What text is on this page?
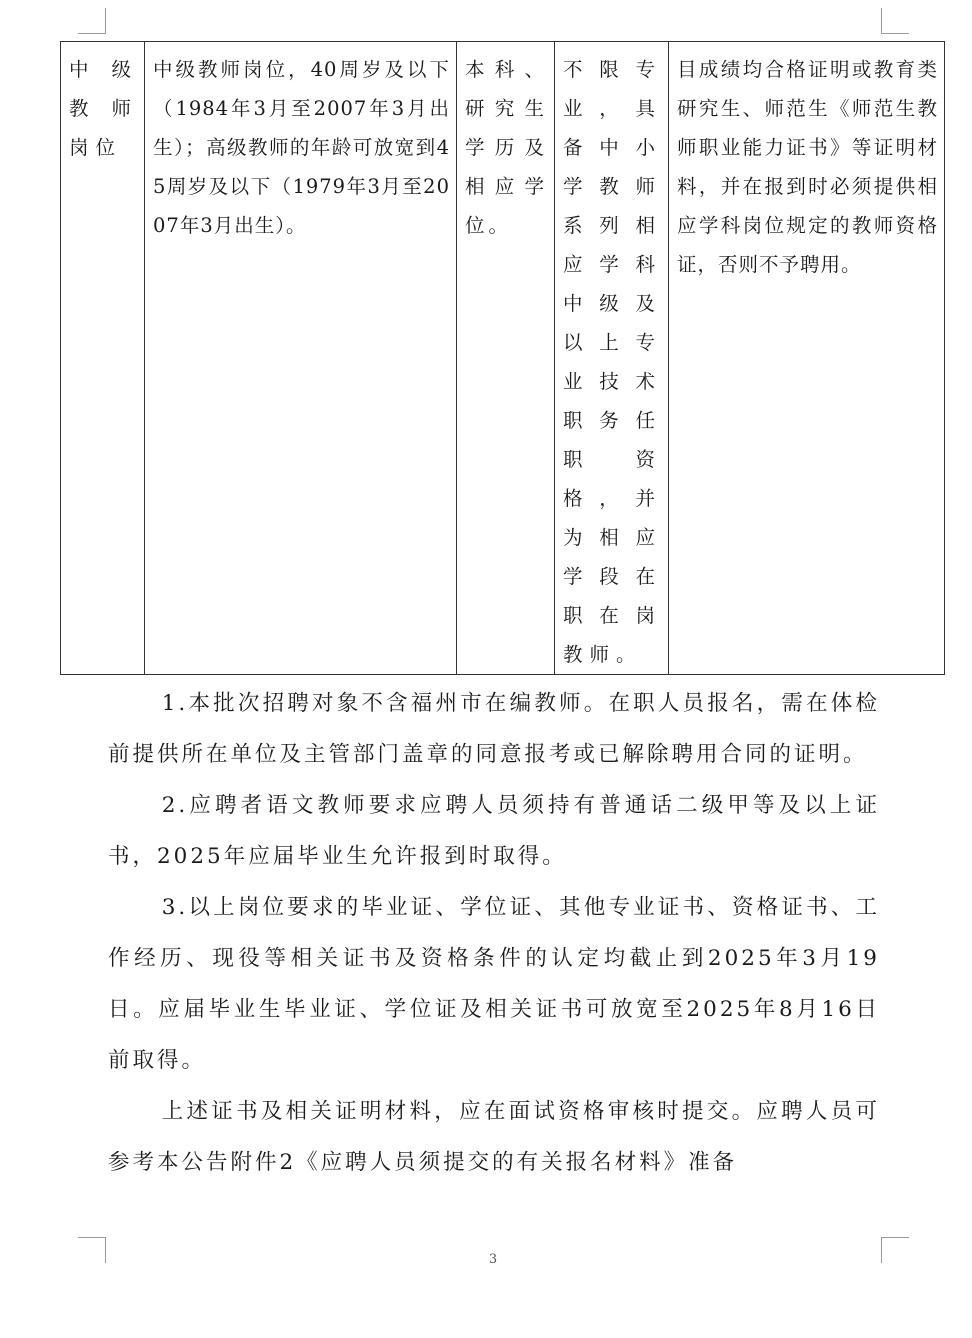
中级教师岗位	中级教师岗位，40周岁及以下（1984年3月至2007年3月出生）；高级教师的年龄可放宽到45周岁及以下（1979年3月至2007年3月出生）。	本科、研究生学历及相应学位。	不限专业，具备中小学教师系列相应学科中级及以上专业技术职务任职资格，并为相应学段在职在岗教师。	目成绩均合格证明或教育类研究生、师范生《师范生教师职业能力证书》等证明材料，并在报到时必须提供相应学科岗位规定的教师资格证，否则不予聘用。

1.本批次招聘对象不含福州市在编教师。在职人员报名，需在体检前提供所在单位及主管部门盖章的同意报考或已解除聘用合同的证明。

2.应聘者语文教师要求应聘人员须持有普通话二级甲等及以上证书，2025年应届毕业生允许报到时取得。

3.以上岗位要求的毕业证、学位证、其他专业证书、资格证书、工作经历、现役等相关证书及资格条件的认定均截止到2025年3月19日。应届毕业生毕业证、学位证及相关证书可放宽至2025年8月16日前取得。

上述证书及相关证明材料，应在面试资格审核时提交。应聘人员可参考本公告附件2《应聘人员须提交的有关报名材料》准备

3
